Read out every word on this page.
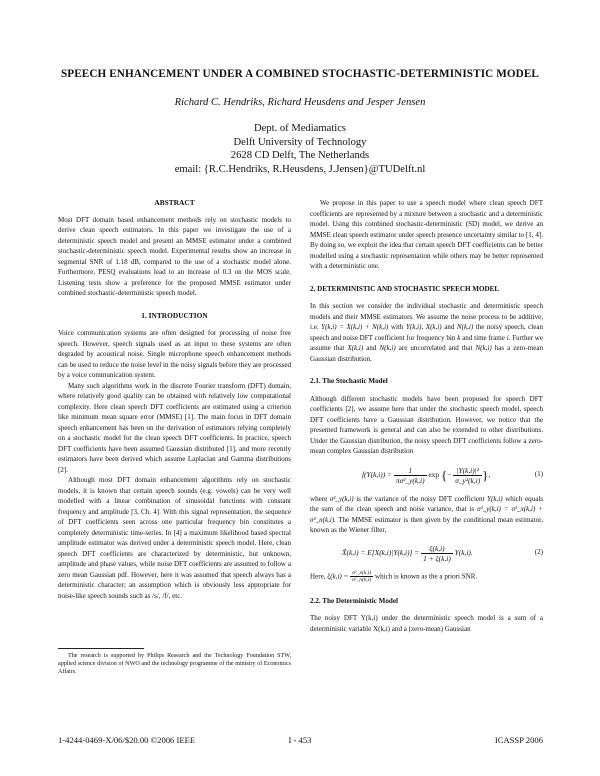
SPEECH ENHANCEMENT UNDER A COMBINED STOCHASTIC-DETERMINISTIC MODEL
Richard C. Hendriks, Richard Heusdens and Jesper Jensen
Dept. of Mediamatics
Delft University of Technology
2628 CD Delft, The Netherlands
email: {R.C.Hendriks, R.Heusdens, J.Jensen}@TUDelft.nl
ABSTRACT

Most DFT domain based enhancement methods rely on stochastic models to derive clean speech estimators. In this paper we investigate the use of a deterministic speech model and present an MMSE estimator under a combined stochastic-deterministic speech model. Experimental results show an increase in segmental SNR of 1.18 dB, compared to the use of a stochastic model alone. Furthermore, PESQ evaluations lead to an increase of 0.3 on the MOS scale. Listening tests show a preference for the proposed MMSE estimator under combined stochastic-deterministic speech model.

1. INTRODUCTION

Voice communication systems are often designed for processing of noise free speech. However, speech signals used as an input to these systems are often degraded by acoustical noise. Single microphone speech enhancement methods can be used to reduce the noise level in the noisy signals before they are processed by a voice communication system.

Many such algorithms work in the discrete Fourier transform (DFT) domain, where relatively good quality can be obtained with relatively low computational complexity. Here clean speech DFT coefficients are estimated using a criterion like minimum mean square error (MMSE) [1]. The main focus in DFT domain speech enhancement has been on the derivation of estimators relying completely on a stochastic model for the clean speech DFT coefficients. In practice, speech DFT coefficients have been assumed Gaussian distributed [1], and more recently estimators have been derived which assume Laplacian and Gamma distributions [2].

Although most DFT domain enhancement algorithms rely on stochastic models, it is known that certain speech sounds (e.g. vowels) can be very well modelled with a linear combination of sinusoidal functions with constant frequency and amplitude [3, Ch. 4]. With this signal representation, the sequence of DFT coefficients seen across one particular frequency bin constitutes a completely deterministic time-series. In [4] a maximum likelihood based spectral amplitude estimator was derived under a deterministic speech model. Here, clean speech DFT coefficients are characterized by deterministic, but unknown, amplitude and phase values, while noise DFT coefficients are assumed to follow a zero mean Gaussian pdf. However, here it was assumed that speech always has a deterministic character; an assumption which is obviously less appropriate for noise-like speech sounds such as /s/, /f/, etc.

The research is supported by Philips Research and the Technology Foundation STW, applied science division of NWO and the technology programme of the ministry of Economics Affairs.

We propose in this paper to use a speech model where clean speech DFT coefficients are represented by a mixture between a stochastic and a deterministic model. Using this combined stochastic-deterministic (SD) model, we derive an MMSE clean speech estimator under speech presence uncertainty similar to [1, 4]. By doing so, we exploit the idea that certain speech DFT coefficients can be better modelled using a stochastic representation while others may be better represented with a deterministic one.

2. DETERMINISTIC AND STOCHASTIC SPEECH MODEL

In this section we consider the individual stochastic and deterministic speech models and their MMSE estimators. We assume the noise process to be additive, i.e. Y(k,i) = X(k,i) + N(k,i) with Y(k,i), X(k,i) and N(k,i) the noisy speech, clean speech and noise DFT coefficient for frequency bin k and time frame i. Further we assume that X(k,i) and N(k,i) are uncorrelated and that N(k,i) has a zero-mean Gaussian distribution.

2.1. The Stochastic Model

Although different stochastic models have been proposed for speech DFT coefficients [2], we assume here that under the stochastic speech model, speech DFT coefficients have a Gaussian distribution. However, we notice that the presented framework is general and can also be extended to other distributions. Under the Gaussian distribution, the noisy speech DFT coefficients follow a zero-mean complex Gaussian distribution

$f(Y(k,i)) = \frac{1}{\text{πσ²\_y(k,i)}}$ exp {− $\frac{\text{|Y(k,i)|²}}{\text{σ\_y²(k,i)}}$ },	(1)

where σ²_y(k,i) is the variance of the noisy DFT coefficient Y(k,i) which equals the sum of the clean speech and noise variance, that is σ²_y(k,i) = σ²_x(k,i) + σ²_n(k,i). The MMSE estimator is then given by the conditional mean estimator, known as the Wiener filter,

X̂(k,i) = $E[X(k,i)|Y(k,i)] = \frac{\xi(k,i)}{1 + \xi(k,i)} Y(k,i)$.	(2)

Here, $\xi(k,i) = \frac{\text{σ²\_x(k,i)}}{\text{σ²\_n(k,i)}}$ which is known as the a priori SNR.

2.2. The Deterministic Model

The noisy DFT Y(k,i) under the deterministic speech model is a sum of a deterministic variable X(k,i) and a (zero-mean) Gaussian

1-4244-0469-X/06/$20.00 ©2006 IEEE	I - 453	ICASSP 2006
